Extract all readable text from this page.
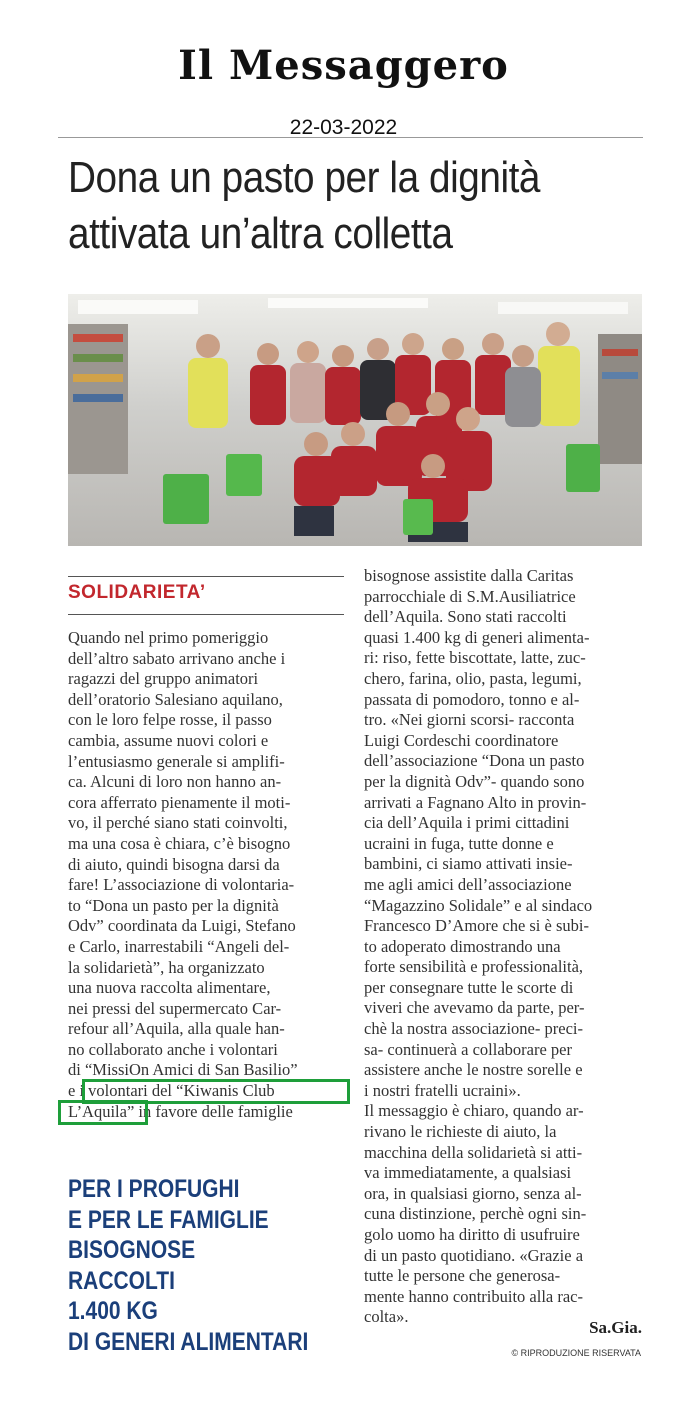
Il Messaggero
22-03-2022
Dona un pasto per la dignità
attivata un’altra colletta
SOLIDARIETA’
Quando nel primo pomeriggio
dell’altro sabato arrivano anche i
ragazzi del gruppo animatori
dell’oratorio Salesiano aquilano,
con le loro felpe rosse, il passo
cambia, assume nuovi colori e
l’entusiasmo generale si amplifi-
ca. Alcuni di loro non hanno an-
cora afferrato pienamente il moti-
vo, il perché siano stati coinvolti,
ma una cosa è chiara, c’è bisogno
di aiuto, quindi bisogna darsi da
fare! L’associazione di volontaria-
to “Dona un pasto per la dignità
Odv” coordinata da Luigi, Stefano
e Carlo, inarrestabili “Angeli del-
la solidarietà”, ha organizzato
una nuova raccolta alimentare,
nei pressi del supermercato Car-
refour all’Aquila, alla quale han-
no collaborato anche i volontari
di “MissiOn Amici di San Basilio”
e i volontari del “Kiwanis Club
L’Aquila” in favore delle famiglie
bisognose assistite dalla Caritas
parrocchiale di S.M.Ausiliatrice
dell’Aquila. Sono stati raccolti
quasi 1.400 kg di generi alimenta-
ri: riso, fette biscottate, latte, zuc-
chero, farina, olio, pasta, legumi,
passata di pomodoro, tonno e al-
tro. «Nei giorni scorsi- racconta
Luigi Cordeschi coordinatore
dell’associazione “Dona un pasto
per la dignità Odv”- quando sono
arrivati a Fagnano Alto in provin-
cia dell’Aquila i primi cittadini
ucraini in fuga, tutte donne e
bambini, ci siamo attivati insie-
me agli amici dell’associazione
“Magazzino Solidale” e al sindaco
Francesco D’Amore che si è subi-
to adoperato dimostrando una
forte sensibilità e professionalità,
per consegnare tutte le scorte di
viveri che avevamo da parte, per-
chè la nostra associazione- preci-
sa- continuerà a collaborare per
assistere anche le nostre sorelle e
i nostri fratelli ucraini».
Il messaggio è chiaro, quando ar-
rivano le richieste di aiuto, la
macchina della solidarietà si atti-
va immediatamente, a qualsiasi
ora, in qualsiasi giorno, senza al-
cuna distinzione, perchè ogni sin-
golo uomo ha diritto di usufruire
di un pasto quotidiano. «Grazie a
tutte le persone che generosa-
mente hanno contribuito alla rac-
colta».
PER I PROFUGHI
E PER LE FAMIGLIE
BISOGNOSE
RACCOLTI
1.400 KG
DI GENERI ALIMENTARI
Sa.Gia.
© RIPRODUZIONE RISERVATA
